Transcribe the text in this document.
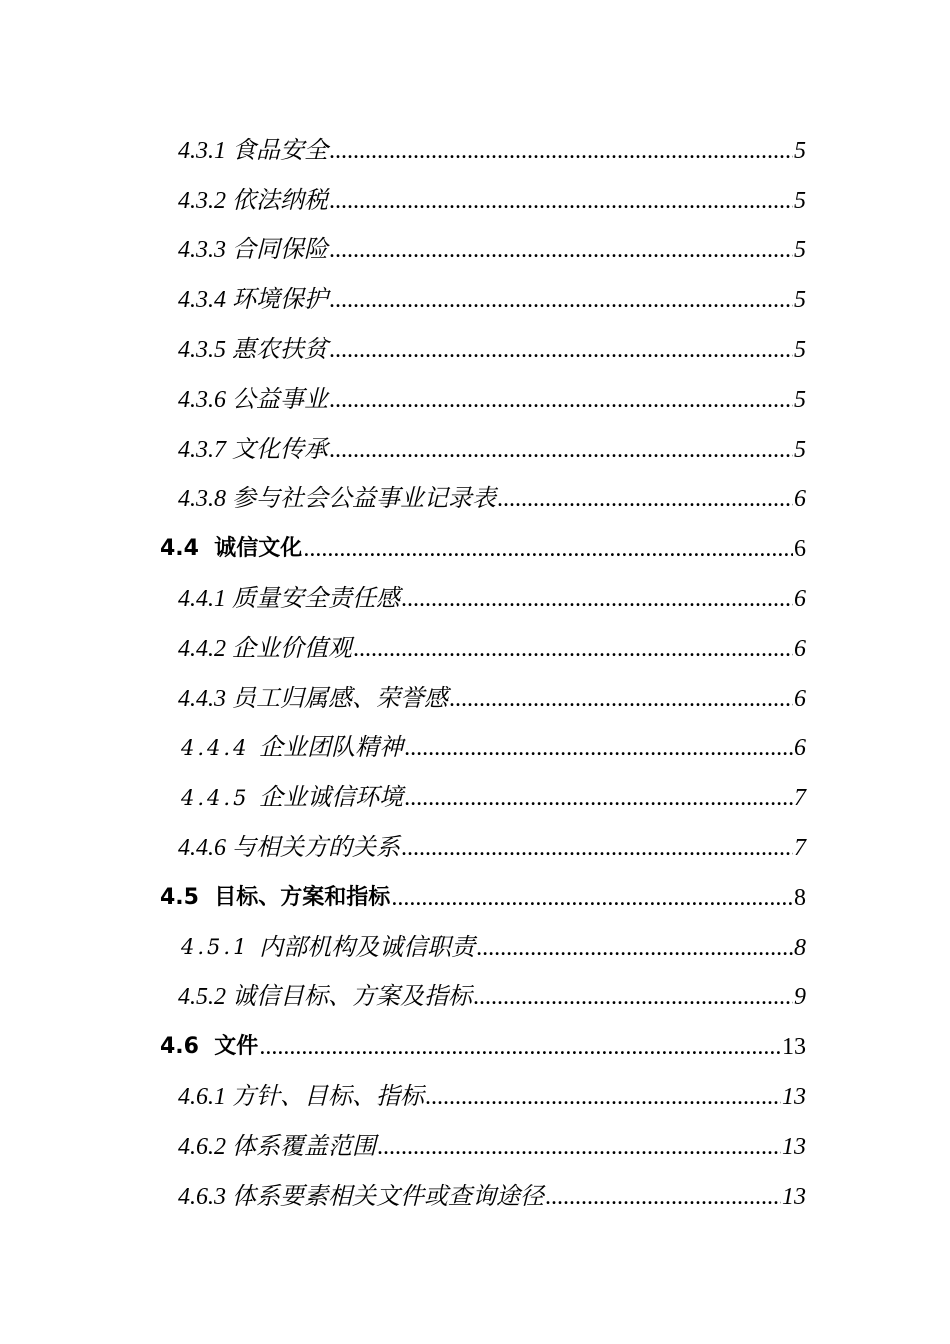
4.3.1 食品安全 .....	5
4.3.2 依法纳税 .....	5
4.3.3 合同保险 .....	5
4.3.4 环境保护 .....	5
4.3.5 惠农扶贫 .....	5
4.3.6 公益事业 .....	5
4.3.7 文化传承 .....	5
4.3.8 参与社会公益事业记录表 .....	6
4.4 诚信文化 .....	6
4.4.1 质量安全责任感 .....	6
4.4.2 企业价值观 .....	6
4.4.3 员工归属感、荣誉感 .....	6
4.4.4 企业团队精神 .....	6
4.4.5 企业诚信环境 .....	7
4.4.6 与相关方的关系 .....	7
4.5 目标、方案和指标 .....	8
4.5.1 内部机构及诚信职责 .....	8
4.5.2 诚信目标、方案及指标 .....	9
4.6 文件 .....	13
4.6.1 方针、目标、指标 .....	13
4.6.2 体系覆盖范围 .....	13
4.6.3 体系要素相关文件或查询途径 .....	13
